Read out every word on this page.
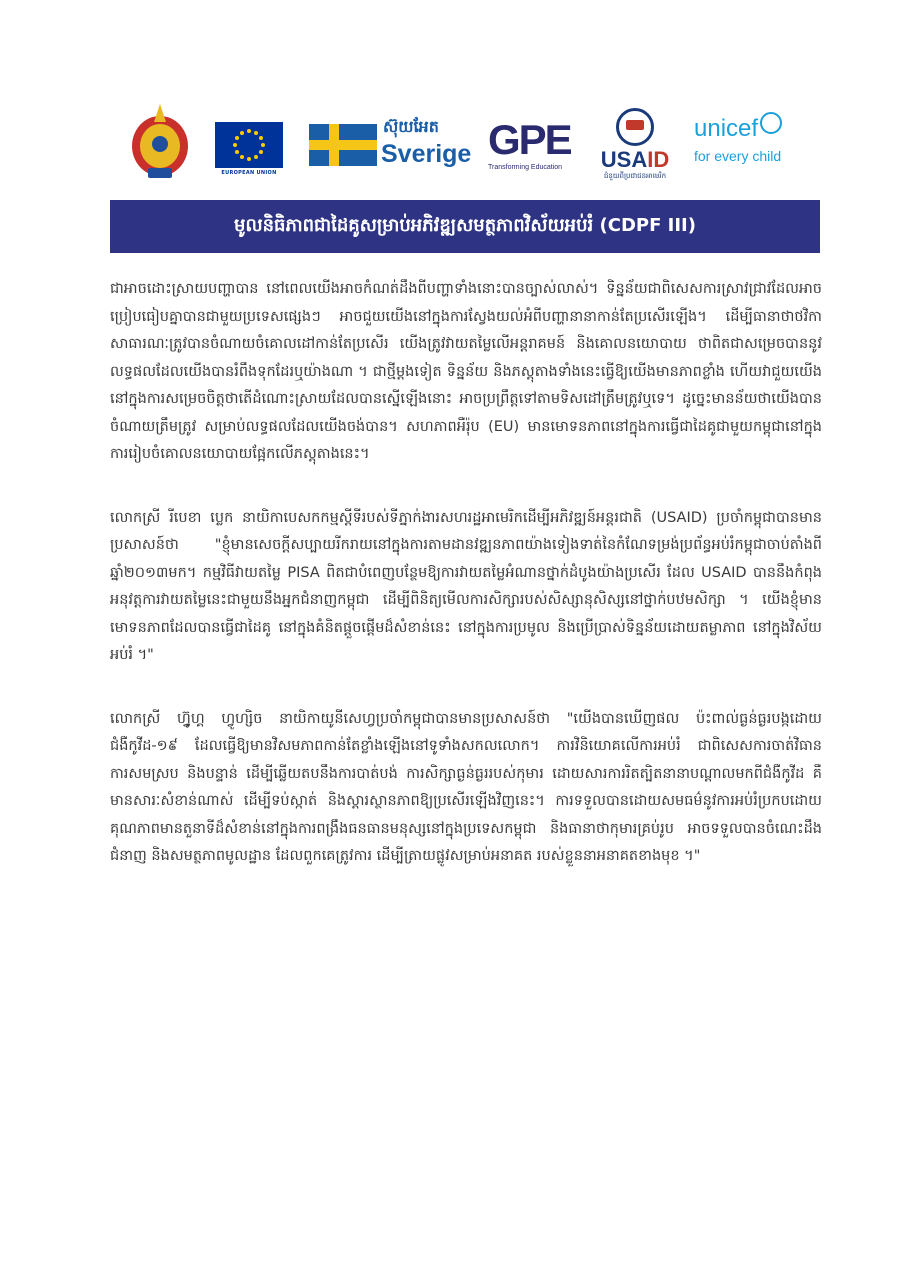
EUROPEAN UNION
ស៊ុយអែត
Sverige GPE
Transforming Education	USAID
ជំនួយពីប្រជាជនអាមេរិក
unicef
for every child
មូលនិធិភាពជាដៃគូសម្រាប់អភិវឌ្ឍសមត្ថភាពវិស័យអប់រំ (CDPF III)

ជាអាចដោះស្រាយបញ្ហាបាន នៅពេលយើងអាចកំណត់ដឹងពីបញ្ហាទាំងនោះបានច្បាស់លាស់។ ទិន្នន័យជាពិសេសការស្រាវជ្រាវដែលអាចប្រៀបធៀបគ្នាបានជាមួយប្រទេសផ្សេងៗ អាចជួយយើងនៅក្នុងការស្វែងយល់អំពីបញ្ហានានាកាន់តែប្រសើរឡើង។ ដើម្បីធានាថាថវិកាសាធារណៈត្រូវបានចំណាយចំគោលដៅកាន់តែប្រសើរ យើងត្រូវវាយតម្លៃលើអន្តរាគមន៍ និងគោលនយោបាយ ថាពិតជាសម្រេចបាននូវលទ្ធផលដែលយើងបានរំពឹងទុកដែរឬយ៉ាងណា ។ ជាថ្មីម្តងទៀត ទិន្នន័យ និងភស្តុតាងទាំងនេះធ្វើឱ្យយើងមានភាពខ្លាំង ហើយវាជួយយើងនៅក្នុងការសម្រេចចិត្តថាតើដំណោះស្រាយដែលបានស្នើឡើងនោះ អាចប្រព្រឹត្តទៅតាមទិសដៅត្រឹមត្រូវឬទេ។ ដូច្នេះមានន័យថាយើងបានចំណាយត្រឹមត្រូវ សម្រាប់លទ្ធផលដែលយើងចង់បាន។ សហភាពអឺរ៉ុប (EU) មានមោទនភាពនៅក្នុងការធ្វើជាដៃគូជាមួយកម្ពុជានៅក្នុងការរៀបចំគោលនយោបាយផ្អែកលើភស្តុតាងនេះ។

លោកស្រី រីបេខា ប្លេក នាយិកាបេសកកម្មស្តីទីរបស់ទីភ្នាក់ងារសហរដ្ឋអាមេរិកដើម្បីអភិវឌ្ឍន៍អន្តរជាតិ (USAID) ប្រចាំកម្ពុជាបានមានប្រសាសន៍ថា "ខ្ញុំមានសេចក្តីសប្បាយរីករាយនៅក្នុងការតាមដានវឌ្ឍនភាពយ៉ាងទៀងទាត់នៃកំណែទម្រង់ប្រព័ន្ធអប់រំកម្ពុជាចាប់តាំងពីឆ្នាំ២០១៣មក។ កម្មវិធីវាយតម្លៃ PISA ពិតជាបំពេញបន្ថែមឱ្យការវាយតម្លៃអំណានថ្នាក់ដំបូងយ៉ាងប្រសើរ ដែល USAID បាននឹងកំពុងអនុវត្តការវាយតម្លៃនេះជាមួយនឹងអ្នកជំនាញកម្ពុជា ដើម្បីពិនិត្យមើលការសិក្សារបស់សិស្សានុសិស្សនៅថ្នាក់បឋមសិក្សា ។ យើងខ្ញុំមានមោទនភាពដែលបានធ្វើជាដៃគូ នៅក្នុងគំនិតផ្តួចផ្តើមដ៏សំខាន់នេះ នៅក្នុងការប្រមូល និងប្រើប្រាស់ទិន្នន័យដោយតម្លាភាព នៅក្នុងវិស័យអប់រំ ។"

លោកស្រី ហ្វ៊ូហ្គ ហ្វូហ្សិច នាយិកាយូនីសេហ្វប្រចាំកម្ពុជាបានមានប្រសាសន៍ថា "យើងបានឃើញផល ប៉ះពាល់ធ្ងន់ធ្ងរបង្កដោយជំងឺកូវីដ-១៩ ដែលធ្វើឱ្យមានវិសមភាពកាន់តែខ្លាំងឡើងនៅទូទាំងសកលលោក។ ការវិនិយោគលើការអប់រំ ជាពិសេសការចាត់វិធានការសមស្រប និងបន្ទាន់ ដើម្បីឆ្លើយតបនឹងការបាត់បង់ ការសិក្សាធ្ងន់ធ្ងររបស់កុមារ ដោយសារការរិតត្បិតនានាបណ្តាលមកពីជំងឺកូវីដ គឺមានសារៈសំខាន់ណាស់ ដើម្បីទប់ស្កាត់ និងស្តារស្ថានភាពឱ្យប្រសើរឡើងវិញនេះ។ ការទទួលបានដោយសមធម៌នូវការអប់រំប្រកបដោយ គុណភាពមានតួនាទីដ៏សំខាន់នៅក្នុងការពង្រឹងធនធានមនុស្សនៅក្នុងប្រទេសកម្ពុជា និងធានាថាកុមារគ្រប់រូប អាចទទួលបានចំណេះដឹង ជំនាញ និងសមត្ថភាពមូលដ្ឋាន ដែលពួកគេត្រូវការ ដើម្បីត្រាយផ្លូវសម្រាប់អនាគត របស់ខ្លួននាអនាគតខាងមុខ ។"
